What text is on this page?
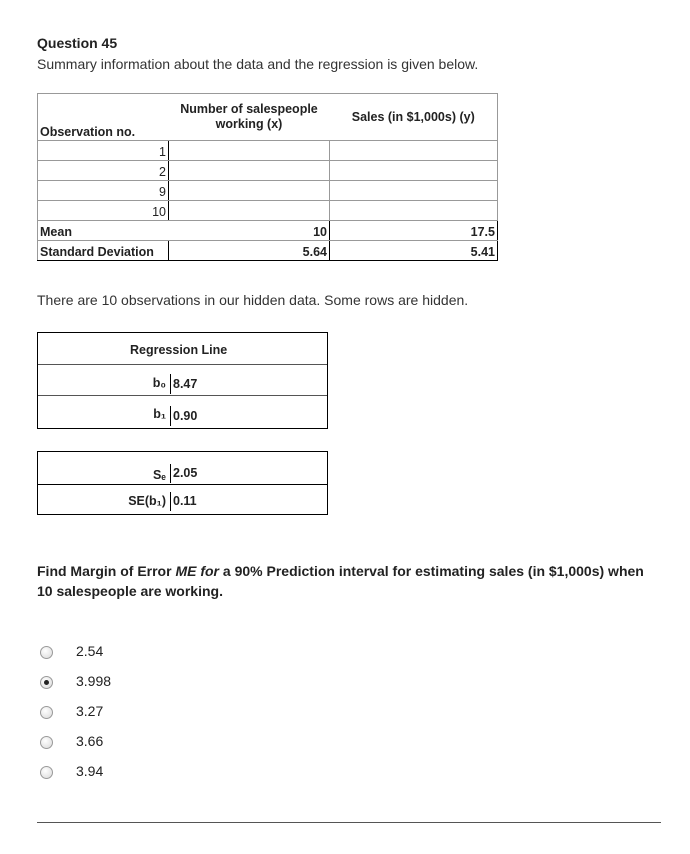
Question 45
Summary information about the data and the regression is given below.
Observation no.	Number of salespeople working (x)	Sales (in $1,000s) (y)
1		
2		
9		
10		
Mean	10	17.5
Standard Deviation	5.64	5.41
There are 10 observations in our hidden data. Some rows are hidden.
Regression Line
b₀ 8.47
b₁ 0.90
Sₑ 2.05
SE(b₁) 0.11
Find Margin of Error ME for a 90% Prediction interval for estimating sales (in $1,000s) when 10 salespeople are working.
2.54
3.998
3.27
3.66
3.94
